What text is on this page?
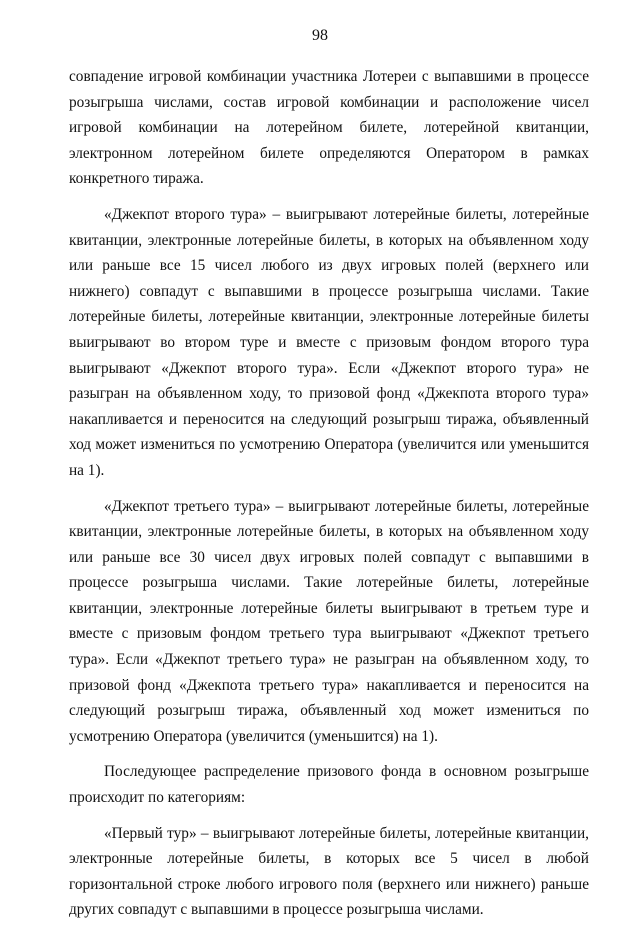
98

совпадение игровой комбинации участника Лотереи с выпавшими в процессе розыгрыша числами, состав игровой комбинации и расположение чисел игровой комбинации на лотерейном билете, лотерейной квитанции, электронном лотерейном билете определяются Оператором в рамках конкретного тиража.

«Джекпот второго тура» – выигрывают лотерейные билеты, лотерейные квитанции, электронные лотерейные билеты, в которых на объявленном ходу или раньше все 15 чисел любого из двух игровых полей (верхнего или нижнего) совпадут с выпавшими в процессе розыгрыша числами. Такие лотерейные билеты, лотерейные квитанции, электронные лотерейные билеты выигрывают во втором туре и вместе с призовым фондом второго тура выигрывают «Джекпот второго тура». Если «Джекпот второго тура» не разыгран на объявленном ходу, то призовой фонд «Джекпота второго тура» накапливается и переносится на следующий розыгрыш тиража, объявленный ход может измениться по усмотрению Оператора (увеличится или уменьшится на 1).

«Джекпот третьего тура» – выигрывают лотерейные билеты, лотерейные квитанции, электронные лотерейные билеты, в которых на объявленном ходу или раньше все 30 чисел двух игровых полей совпадут с выпавшими в процессе розыгрыша числами. Такие лотерейные билеты, лотерейные квитанции, электронные лотерейные билеты выигрывают в третьем туре и вместе с призовым фондом третьего тура выигрывают «Джекпот третьего тура». Если «Джекпот третьего тура» не разыгран на объявленном ходу, то призовой фонд «Джекпота третьего тура» накапливается и переносится на следующий розыгрыш тиража, объявленный ход может измениться по усмотрению Оператора (увеличится (уменьшится) на 1).

Последующее распределение призового фонда в основном розыгрыше происходит по категориям:

«Первый тур» – выигрывают лотерейные билеты, лотерейные квитанции, электронные лотерейные билеты, в которых все 5 чисел в любой горизонтальной строке любого игрового поля (верхнего или нижнего) раньше других совпадут с выпавшими в процессе розыгрыша числами.
